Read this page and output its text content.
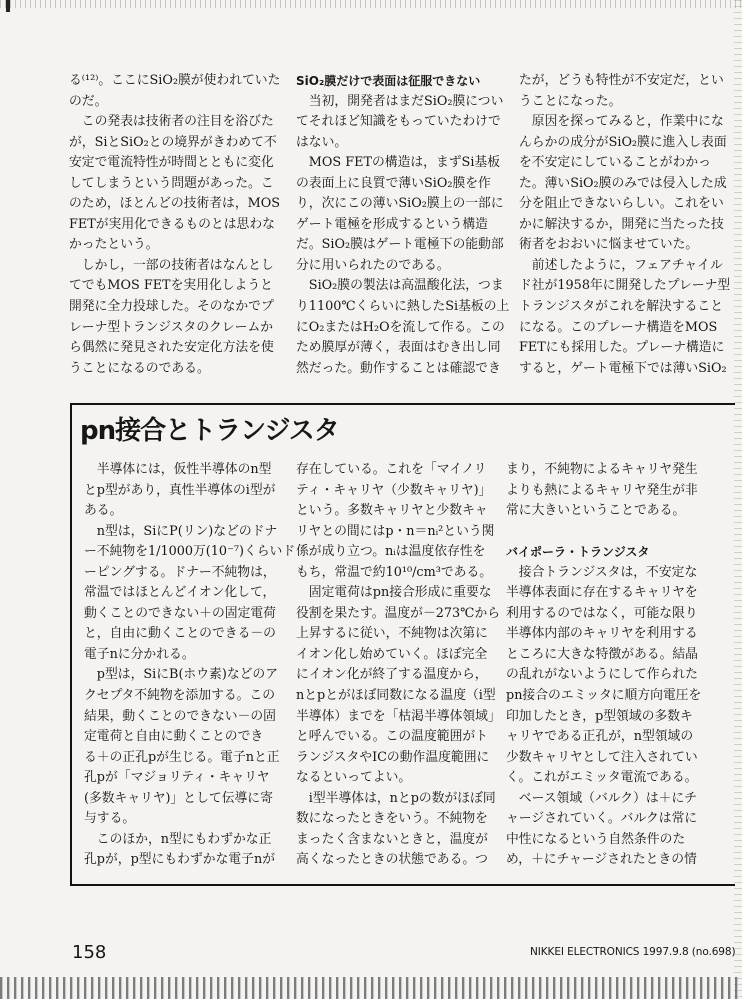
る⁽¹²⁾。ここにSiO₂膜が使われていた

のだ。

　この発表は技術者の注目を浴びた

が，SiとSiO₂との境界がきわめて不

安定で電流特性が時間とともに変化

してしまうという問題があった。こ

のため，ほとんどの技術者は，MOS

FETが実用化できるものとは思わな

かったという。

　しかし，一部の技術者はなんとし

てでもMOS FETを実用化しようと

開発に全力投球した。そのなかでプ

レーナ型トランジスタのクレームか

ら偶然に発見された安定化方法を使

うことになるのである。

SiO₂膜だけで表面は征服できない

　当初，開発者はまだSiO₂膜につい

てそれほど知識をもっていたわけで

はない。

　MOS FETの構造は，まずSi基板

の表面上に良質で薄いSiO₂膜を作

り，次にこの薄いSiO₂膜上の一部に

ゲート電極を形成するという構造

だ。SiO₂膜はゲート電極下の能動部

分に用いられたのである。

　SiO₂膜の製法は高温酸化法，つま

り1100℃くらいに熱したSi基板の上

にO₂またはH₂Oを流して作る。この

ため膜厚が薄く，表面はむき出し同

然だった。動作することは確認でき

たが，どうも特性が不安定だ，とい

うことになった。

　原因を探ってみると，作業中にな

んらかの成分がSiO₂膜に進入し表面

を不安定にしていることがわかっ

た。薄いSiO₂膜のみでは侵入した成

分を阻止できないらしい。これをい

かに解決するか，開発に当たった技

術者をおおいに悩ませていた。

　前述したように，フェアチャイル

ド社が1958年に開発したプレーナ型

トランジスタがこれを解決すること

になる。このプレーナ構造をMOS

FETにも採用した。プレーナ構造に

すると，ゲート電極下では薄いSiO₂

pn接合とトランジスタ

　半導体には，仮性半導体のn型

とp型があり，真性半導体のi型が

ある。

　n型は，SiにP(リン)などのドナ

ー不純物を1/1000万(10⁻⁷)くらいド

ーピングする。ドナー不純物は，

常温ではほとんどイオン化して，

動くことのできない＋の固定電荷

と，自由に動くことのできる－の

電子nに分かれる。

　p型は，SiにB(ホウ素)などのア

クセプタ不純物を添加する。この

結果，動くことのできない－の固

定電荷と自由に動くことのでき

る＋の正孔pが生じる。電子nと正

孔pが「マジョリティ・キャリヤ

(多数キャリヤ)」として伝導に寄

与する。

　このほか，n型にもわずかな正

孔pが，p型にもわずかな電子nが

存在している。これを「マイノリ

ティ・キャリヤ（少数キャリヤ)」

という。多数キャリヤと少数キャ

リヤとの間にはp・n＝nᵢ²という関

係が成り立つ。nᵢは温度依存性を

もち，常温で約10¹⁰/cm³である。

　固定電荷はpn接合形成に重要な

役割を果たす。温度が－273℃から

上昇するに従い，不純物は次第に

イオン化し始めていく。ほぼ完全

にイオン化が終了する温度から，

nとpとがほぼ同数になる温度（i型

半導体）までを「枯渇半導体領域」

と呼んでいる。この温度範囲がト

ランジスタやICの動作温度範囲に

なるといってよい。

　i型半導体は，nとpの数がほぼ同

数になったときをいう。不純物を

まったく含まないときと，温度が

高くなったときの状態である。つ

まり，不純物によるキャリヤ発生

よりも熱によるキャリヤ発生が非

常に大きいということである。

バイポーラ・トランジスタ

　接合トランジスタは，不安定な

半導体表面に存在するキャリヤを

利用するのではなく，可能な限り

半導体内部のキャリヤを利用する

ところに大きな特徴がある。結晶

の乱れがないようにして作られた

pn接合のエミッタに順方向電圧を

印加したとき，p型領域の多数キ

ャリヤである正孔が，n型領域の

少数キャリヤとして注入されてい

く。これがエミッタ電流である。

　ベース領域（バルク）は＋にチ

ャージされていく。バルクは常に

中性になるという自然条件のた

め，＋にチャージされたときの情

158	NIKKEI ELECTRONICS 1997.9.8 (no.698)
